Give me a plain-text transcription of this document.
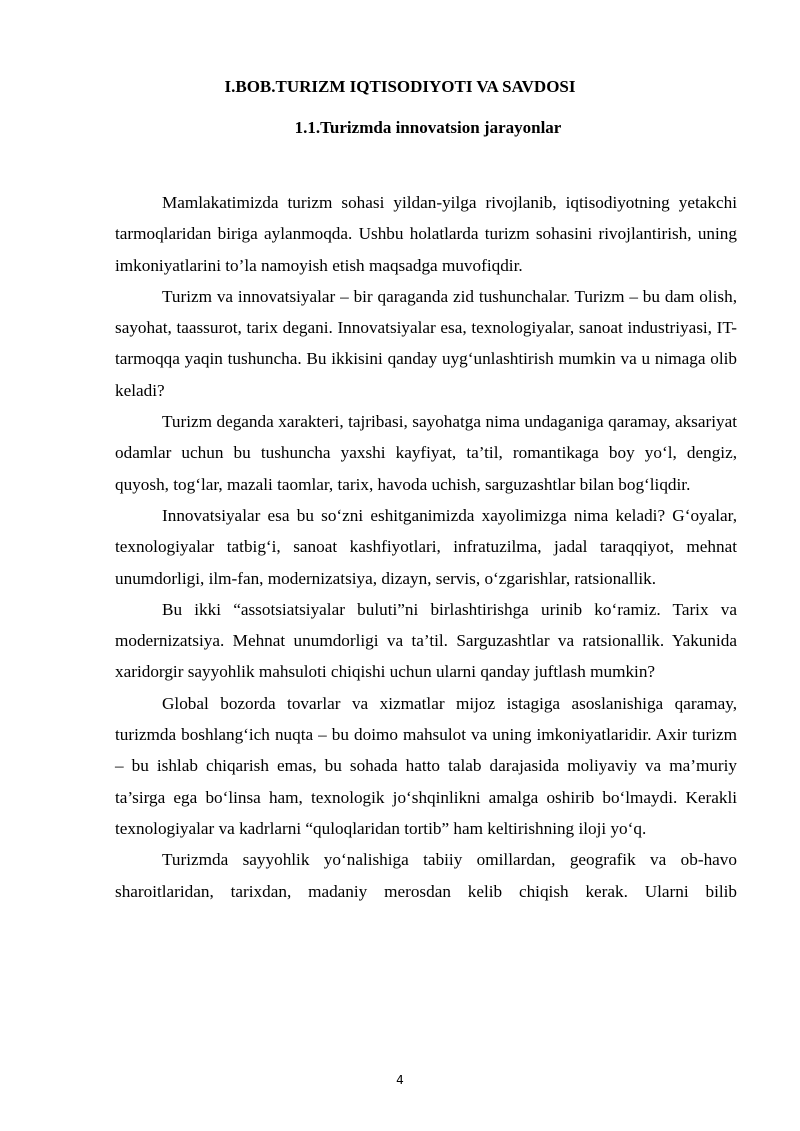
I.BOB.TURIZM IQTISODIYOTI VA SAVDOSI
1.1.Turizmda innovatsion jarayonlar

Mamlakatimizda turizm sohasi yildan-yilga rivojlanib, iqtisodiyotning yetakchi tarmoqlaridan biriga aylanmoqda. Ushbu holatlarda turizm sohasini rivojlantirish, uning imkoniyatlarini to’la namoyish etish maqsadga muvofiqdir.

Turizm va innovatsiyalar – bir qaraganda zid tushunchalar. Turizm – bu dam olish, sayohat, taassurot, tarix degani. Innovatsiyalar esa, texnologiyalar, sanoat industriyasi, IT-tarmoqqa yaqin tushuncha. Bu ikkisini qanday uyg‘unlashtirish mumkin va u nimaga olib keladi?

Turizm deganda xarakteri, tajribasi, sayohatga nima undaganiga qaramay, aksariyat odamlar uchun bu tushuncha yaxshi kayfiyat, ta’til, romantikaga boy yo‘l, dengiz, quyosh, tog‘lar, mazali taomlar, tarix, havoda uchish, sarguzashtlar bilan bog‘liqdir.

Innovatsiyalar esa bu so‘zni eshitganimizda xayolimizga nima keladi? G‘oyalar, texnologiyalar tatbig‘i, sanoat kashfiyotlari, infratuzilma, jadal taraqqiyot, mehnat unumdorligi, ilm-fan, modernizatsiya, dizayn, servis, o‘zgarishlar, ratsionallik.

Bu ikki “assotsiatsiyalar buluti”ni birlashtirishga urinib ko‘ramiz. Tarix va modernizatsiya. Mehnat unumdorligi va ta’til. Sarguzashtlar va ratsionallik. Yakunida xaridorgir sayyohlik mahsuloti chiqishi uchun ularni qanday juftlash mumkin?

Global bozorda tovarlar va xizmatlar mijoz istagiga asoslanishiga qaramay, turizmda boshlang‘ich nuqta – bu doimo mahsulot va uning imkoniyatlaridir. Axir turizm – bu ishlab chiqarish emas, bu sohada hatto talab darajasida moliyaviy va ma’muriy ta’sirga ega bo‘linsa ham, texnologik jo‘shqinlikni amalga oshirib bo‘lmaydi. Kerakli texnologiyalar va kadrlarni “quloqlaridan tortib” ham keltirishning iloji yo‘q.

Turizmda sayyohlik yo‘nalishiga tabiiy omillardan, geografik va ob-havo sharoitlaridan, tarixdan, madaniy merosdan kelib chiqish kerak. Ularni bilib

4
